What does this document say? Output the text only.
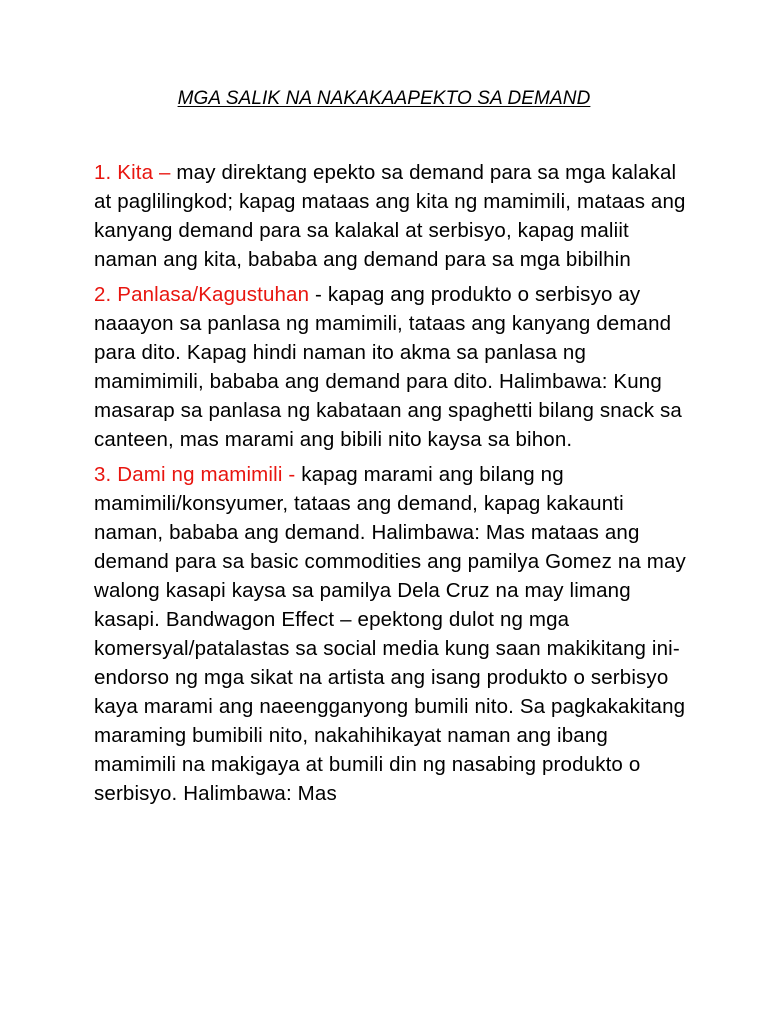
MGA SALIK NA NAKAKAAPEKTO SA DEMAND

1. Kita – may direktang epekto sa demand para sa mga kalakal at paglilingkod; kapag mataas ang kita ng mamimili, mataas ang kanyang demand para sa kalakal at serbisyo, kapag maliit naman ang kita, bababa ang demand para sa mga bibilhin

2. Panlasa/Kagustuhan - kapag ang produkto o serbisyo ay naaayon sa panlasa ng mamimili, tataas ang kanyang demand para dito. Kapag hindi naman ito akma sa panlasa ng mamimimili, bababa ang demand para dito. Halimbawa: Kung masarap sa panlasa ng kabataan ang spaghetti bilang snack sa canteen, mas marami ang bibili nito kaysa sa bihon.

3. Dami ng mamimili - kapag marami ang bilang ng mamimili/konsyumer, tataas ang demand, kapag kakaunti naman, bababa ang demand. Halimbawa: Mas mataas ang demand para sa basic commodities ang pamilya Gomez na may walong kasapi kaysa sa pamilya Dela Cruz na may limang kasapi. Bandwagon Effect – epektong dulot ng mga komersyal/patalastas sa social media kung saan makikitang ini-endorso ng mga sikat na artista ang isang produkto o serbisyo kaya marami ang naeengganyong bumili nito. Sa pagkakakitang maraming bumibili nito, nakahihikayat naman ang ibang mamimili na makigaya at bumili din ng nasabing produkto o serbisyo. Halimbawa: Mas
